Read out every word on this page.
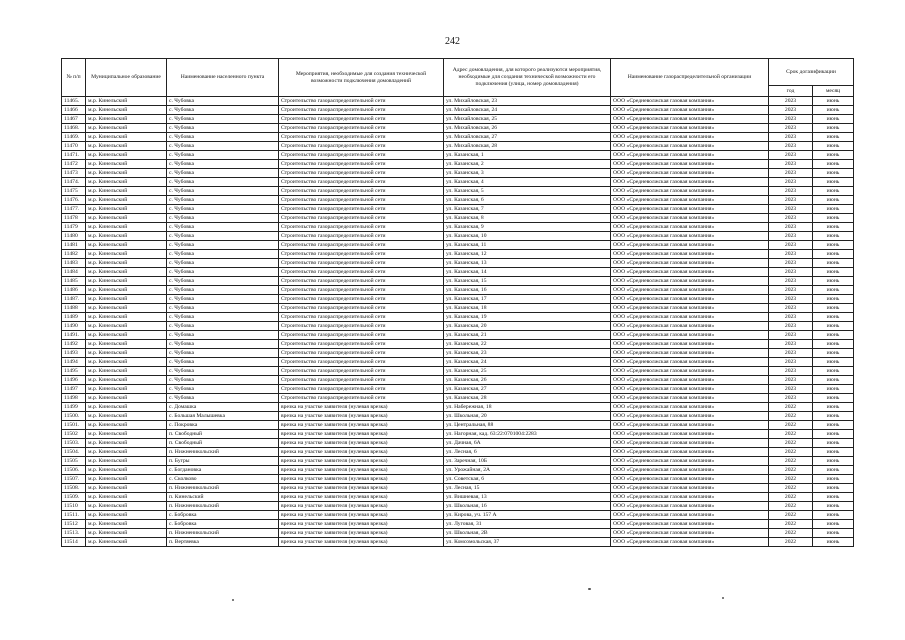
242
№ п/п	Муниципальное образование	Наименование населенного пункта	Мероприятия, необходимые для создания технической возможности подключения домовладений	Адрес домовладения, для которого реализуются мероприятия, необходимые для создания технической возможности его подключения (улица, номер домовладения)	Наименование газораспределительной организации	Срок догазификации	
						год	месяц
11465.	м.р. Кинельский	с. Чубовка	Строительство газораспределительной сети	ул. Михайловская, 23	ООО «Средневолжская газовая компания»	2023	июнь
11466	м.р. Кинельский	с. Чубовка	Строительство газораспределительной сети	ул. Михайловская, 24	ООО «Средневолжская газовая компания»	2023	июнь
11467	м.р. Кинельский	с. Чубовка	Строительство газораспределительной сети	ул. Михайловская, 25	ООО «Средневолжская газовая компания»	2023	июнь
11468.	м.р. Кинельский	с. Чубовка	Строительство газораспределительной сети	ул. Михайловская, 26	ООО «Средневолжская газовая компания»	2023	июнь
11469.	м.р. Кинельский	с. Чубовка	Строительство газораспределительной сети	ул. Михайловская, 27	ООО «Средневолжская газовая компания»	2023	июнь
11470	м.р. Кинельский	с. Чубовка	Строительство газораспределительной сети	ул. Михайловская, 28	ООО «Средневолжская газовая компания»	2023	июнь
11471.	м.р. Кинельский	с. Чубовка	Строительство газораспределительной сети	ул. Казанская, 1	ООО «Средневолжская газовая компания»	2023	июнь
11472	м.р. Кинельский	с. Чубовка	Строительство газораспределительной сети	ул. Казанская, 2	ООО «Средневолжская газовая компания»	2023	июнь
11473	м.р. Кинельский	с. Чубовка	Строительство газораспределительной сети	ул. Казанская, 3	ООО «Средневолжская газовая компания»	2023	июнь
11474.	м.р. Кинельский	с. Чубовка	Строительство газораспределительной сети	ул. Казанская, 4	ООО «Средневолжская газовая компания»	2023	июнь
11475	м.р. Кинельский	с. Чубовка	Строительство газораспределительной сети	ул. Казанская, 5	ООО «Средневолжская газовая компания»	2023	июнь
11476.	м.р. Кинельский	с. Чубовка	Строительство газораспределительной сети	ул. Казанская, 6	ООО «Средневолжская газовая компания»	2023	июнь
11477.	м.р. Кинельский	с. Чубовка	Строительство газораспределительной сети	ул. Казанская, 7	ООО «Средневолжская газовая компания»	2023	июнь
11478	м.р. Кинельский	с. Чубовка	Строительство газораспределительной сети	ул. Казанская, 8	ООО «Средневолжская газовая компания»	2023	июнь
11479	м.р. Кинельский	с. Чубовка	Строительство газораспределительной сети	ул. Казанская, 9	ООО «Средневолжская газовая компания»	2023	июнь
11480	м.р. Кинельский	с. Чубовка	Строительство газораспределительной сети	ул. Казанская, 10	ООО «Средневолжская газовая компания»	2023	июнь
11481	м.р. Кинельский	с. Чубовка	Строительство газораспределительной сети	ул. Казанская, 11	ООО «Средневолжская газовая компания»	2023	июнь
11482	м.р. Кинельский	с. Чубовка	Строительство газораспределительной сети	ул. Казанская, 12	ООО «Средневолжская газовая компания»	2023	июнь
11483	м.р. Кинельский	с. Чубовка	Строительство газораспределительной сети	ул. Казанская, 13	ООО «Средневолжская газовая компания»	2023	июнь
11484	м.р. Кинельский	с. Чубовка	Строительство газораспределительной сети	ул. Казанская, 14	ООО «Средневолжская газовая компания»	2023	июнь
11485	м.р. Кинельский	с. Чубовка	Строительство газораспределительной сети	ул. Казанская, 15	ООО «Средневолжская газовая компания»	2023	июнь
11486	м.р. Кинельский	с. Чубовка	Строительство газораспределительной сети	ул. Казанская, 16	ООО «Средневолжская газовая компания»	2023	июнь
11487.	м.р. Кинельский	с. Чубовка	Строительство газораспределительной сети	ул. Казанская, 17	ООО «Средневолжская газовая компания»	2023	июнь
11488	м.р. Кинельский	с. Чубовка	Строительство газораспределительной сети	ул. Казанская, 18	ООО «Средневолжская газовая компания»	2023	июнь
11489	м.р. Кинельский	с. Чубовка	Строительство газораспределительной сети	ул. Казанская, 19	ООО «Средневолжская газовая компания»	2023	июнь
11490	м.р. Кинельский	с. Чубовка	Строительство газораспределительной сети	ул. Казанская, 20	ООО «Средневолжская газовая компания»	2023	июнь
11491.	м.р. Кинельский	с. Чубовка	Строительство газораспределительной сети	ул. Казанская, 21	ООО «Средневолжская газовая компания»	2023	июнь
11492	м.р. Кинельский	с. Чубовка	Строительство газораспределительной сети	ул. Казанская, 22	ООО «Средневолжская газовая компания»	2023	июнь
11493	м.р. Кинельский	с. Чубовка	Строительство газораспределительной сети	ул. Казанская, 23	ООО «Средневолжская газовая компания»	2023	июнь
11494	м.р. Кинельский	с. Чубовка	Строительство газораспределительной сети	ул. Казанская, 24	ООО «Средневолжская газовая компания»	2023	июнь
11495	м.р. Кинельский	с. Чубовка	Строительство газораспределительной сети	ул. Казанская, 25	ООО «Средневолжская газовая компания»	2023	июнь
11496	м.р. Кинельский	с. Чубовка	Строительство газораспределительной сети	ул. Казанская, 26	ООО «Средневолжская газовая компания»	2023	июнь
11497	м.р. Кинельский	с. Чубовка	Строительство газораспределительной сети	ул. Казанская, 27	ООО «Средневолжская газовая компания»	2023	июнь
11498	м.р. Кинельский	с. Чубовка	Строительство газораспределительной сети	ул. Казанская, 28	ООО «Средневолжская газовая компания»	2023	июнь
11499	м.р. Кинельский	с. Домашка	врезка на участке заявителя (нулевая врезка)	ул. Набережная, 18	ООО «Средневолжская газовая компания»	2022	июнь
11500.	м.р. Кинельский	с. Большая Малышевка	врезка на участке заявителя (нулевая врезка)	ул. Школьная, 20	ООО «Средневолжская газовая компания»	2022	июнь
11501.	м.р. Кинельский	с. Покровка	врезка на участке заявителя (нулевая врезка)	ул. Центральная, 88	ООО «Средневолжская газовая компания»	2022	июнь
11502	м.р. Кинельский	п. Свободный	врезка на участке заявителя (нулевая врезка)	ул. Нагорная, кад. 63:22:0701004:2283	ООО «Средневолжская газовая компания»	2022	июнь
11503.	м.р. Кинельский	п. Свободный	врезка на участке заявителя (нулевая врезка)	ул. Дачная, 6А	ООО «Средневолжская газовая компания»	2022	июнь
11504.	м.р. Кинельский	п. Нижненикольский	врезка на участке заявителя (нулевая врезка)	ул. Лесная, 6	ООО «Средневолжская газовая компания»	2022	июнь
11505	м.р. Кинельский	п. Бугры	врезка на участке заявителя (нулевая врезка)	ул. Заречная, 10Б	ООО «Средневолжская газовая компания»	2022	июнь
11506.	м.р. Кинельский	с. Богдановка	врезка на участке заявителя (нулевая врезка)	ул. Урожайная, 2А	ООО «Средневолжская газовая компания»	2022	июнь
11507.	м.р. Кинельский	с. Сколково	врезка на участке заявителя (нулевая врезка)	ул. Советская, 6	ООО «Средневолжская газовая компания»	2022	июнь
11508.	м.р. Кинельский	п. Нижненикольский	врезка на участке заявителя (нулевая врезка)	ул. Лесная, 15	ООО «Средневолжская газовая компания»	2022	июнь
11509.	м.р. Кинельский	п. Кинельский	врезка на участке заявителя (нулевая врезка)	ул. Вишневая, 13	ООО «Средневолжская газовая компания»	2022	июнь
11510	м.р. Кинельский	п. Нижненикольский	врезка на участке заявителя (нулевая врезка)	ул. Школьная, 16	ООО «Средневолжская газовая компания»	2022	июнь
11511.	м.р. Кинельский	с. Бобровка	врезка на участке заявителя (нулевая врезка)	ул. Кирова, уч. 157 А	ООО «Средневолжская газовая компания»	2022	июнь
11512	м.р. Кинельский	с. Бобровка	врезка на участке заявителя (нулевая врезка)	ул. Луговая, 31	ООО «Средневолжская газовая компания»	2022	июнь
11513.	м.р. Кинельский	п. Нижненикольский	врезка на участке заявителя (нулевая врезка)	ул. Школьная, 2В	ООО «Средневолжская газовая компания»	2022	июнь
11514	м.р. Кинельский	п. Вертяевка	врезка на участке заявителя (нулевая врезка)	ул. Комсомольская, 37	ООО «Средневолжская газовая компания»	2022	июнь
